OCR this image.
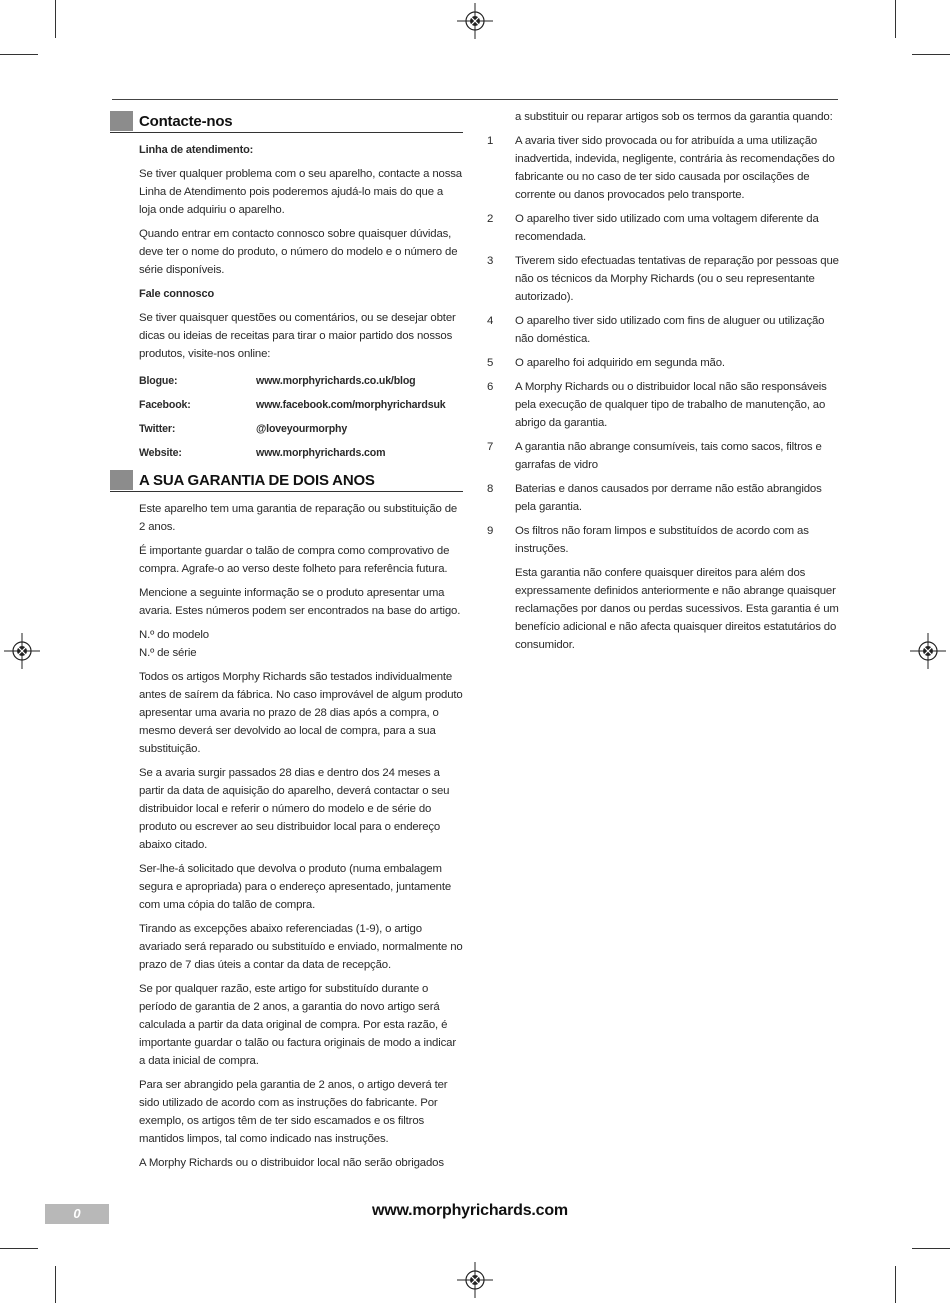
Contacte-nos
Linha de atendimento:

Se tiver qualquer problema com o seu aparelho, contacte a nossa Linha de Atendimento pois poderemos ajudá-lo mais do que a loja onde adquiriu o aparelho.

Quando entrar em contacto connosco sobre quaisquer dúvidas, deve ter o nome do produto, o número do modelo e o número de série disponíveis.

Fale connosco

Se tiver quaisquer questões ou comentários, ou se desejar obter dicas ou ideias de receitas para tirar o maior partido dos nossos produtos, visite-nos online:

Blogue:	www.morphyrichards.co.uk/blog
Facebook:	www.facebook.com/morphyrichardsuk
Twitter:	@loveyourmorphy
Website:	www.morphyrichards.com
A SUA GARANTIA DE DOIS ANOS

Este aparelho tem uma garantia de reparação ou substituição de 2 anos.

É importante guardar o talão de compra como comprovativo de compra. Agrafe-o ao verso deste folheto para referência futura.

Mencione a seguinte informação se o produto apresentar uma avaria. Estes números podem ser encontrados na base do artigo.

N.º do modelo

N.º de série

Todos os artigos Morphy Richards são testados individualmente antes de saírem da fábrica. No caso improvável de algum produto apresentar uma avaria no prazo de 28 dias após a compra, o mesmo deverá ser devolvido ao local de compra, para a sua substituição.

Se a avaria surgir passados 28 dias e dentro dos 24 meses a partir da data de aquisição do aparelho, deverá contactar o seu distribuidor local e referir o número do modelo e de série do produto ou escrever ao seu distribuidor local para o endereço abaixo citado.

Ser-lhe-á solicitado que devolva o produto (numa embalagem segura e apropriada) para o endereço apresentado, juntamente com uma cópia do talão de compra.

Tirando as excepções abaixo referenciadas (1-9), o artigo avariado será reparado ou substituído e enviado, normalmente no prazo de 7 dias úteis a contar da data de recepção.

Se por qualquer razão, este artigo for substituído durante o período de garantia de 2 anos, a garantia do novo artigo será calculada a partir da data original de compra. Por esta razão, é importante guardar o talão ou factura originais de modo a indicar a data inicial de compra.

Para ser abrangido pela garantia de 2 anos, o artigo deverá ter sido utilizado de acordo com as instruções do fabricante. Por exemplo, os artigos têm de ter sido escamados e os filtros mantidos limpos, tal como indicado nas instruções.

A Morphy Richards ou o distribuidor local não serão obrigados

a substituir ou reparar artigos sob os termos da garantia quando:

1	A avaria tiver sido provocada ou for atribuída a uma utilização inadvertida, indevida, negligente, contrária às recomendações do fabricante ou no caso de ter sido causada por oscilações de corrente ou danos provocados pelo transporte.
2	O aparelho tiver sido utilizado com uma voltagem diferente da recomendada.
3	Tiverem sido efectuadas tentativas de reparação por pessoas que não os técnicos da Morphy Richards (ou o seu representante autorizado).
4	O aparelho tiver sido utilizado com fins de aluguer ou utilização não doméstica.
5	O aparelho foi adquirido em segunda mão.
6	A Morphy Richards ou o distribuidor local não são responsáveis pela execução de qualquer tipo de trabalho de manutenção, ao abrigo da garantia.
7	A garantia não abrange consumíveis, tais como sacos, filtros e garrafas de vidro
8	Baterias e danos causados por derrame não estão abrangidos pela garantia.
9	Os filtros não foram limpos e substituídos de acordo com as instruções.

Esta garantia não confere quaisquer direitos para além dos expressamente definidos anteriormente e não abrange quaisquer reclamações por danos ou perdas sucessivos. Esta garantia é um benefício adicional e não afecta quaisquer direitos estatutários do consumidor.

0	www.morphyrichards.com
